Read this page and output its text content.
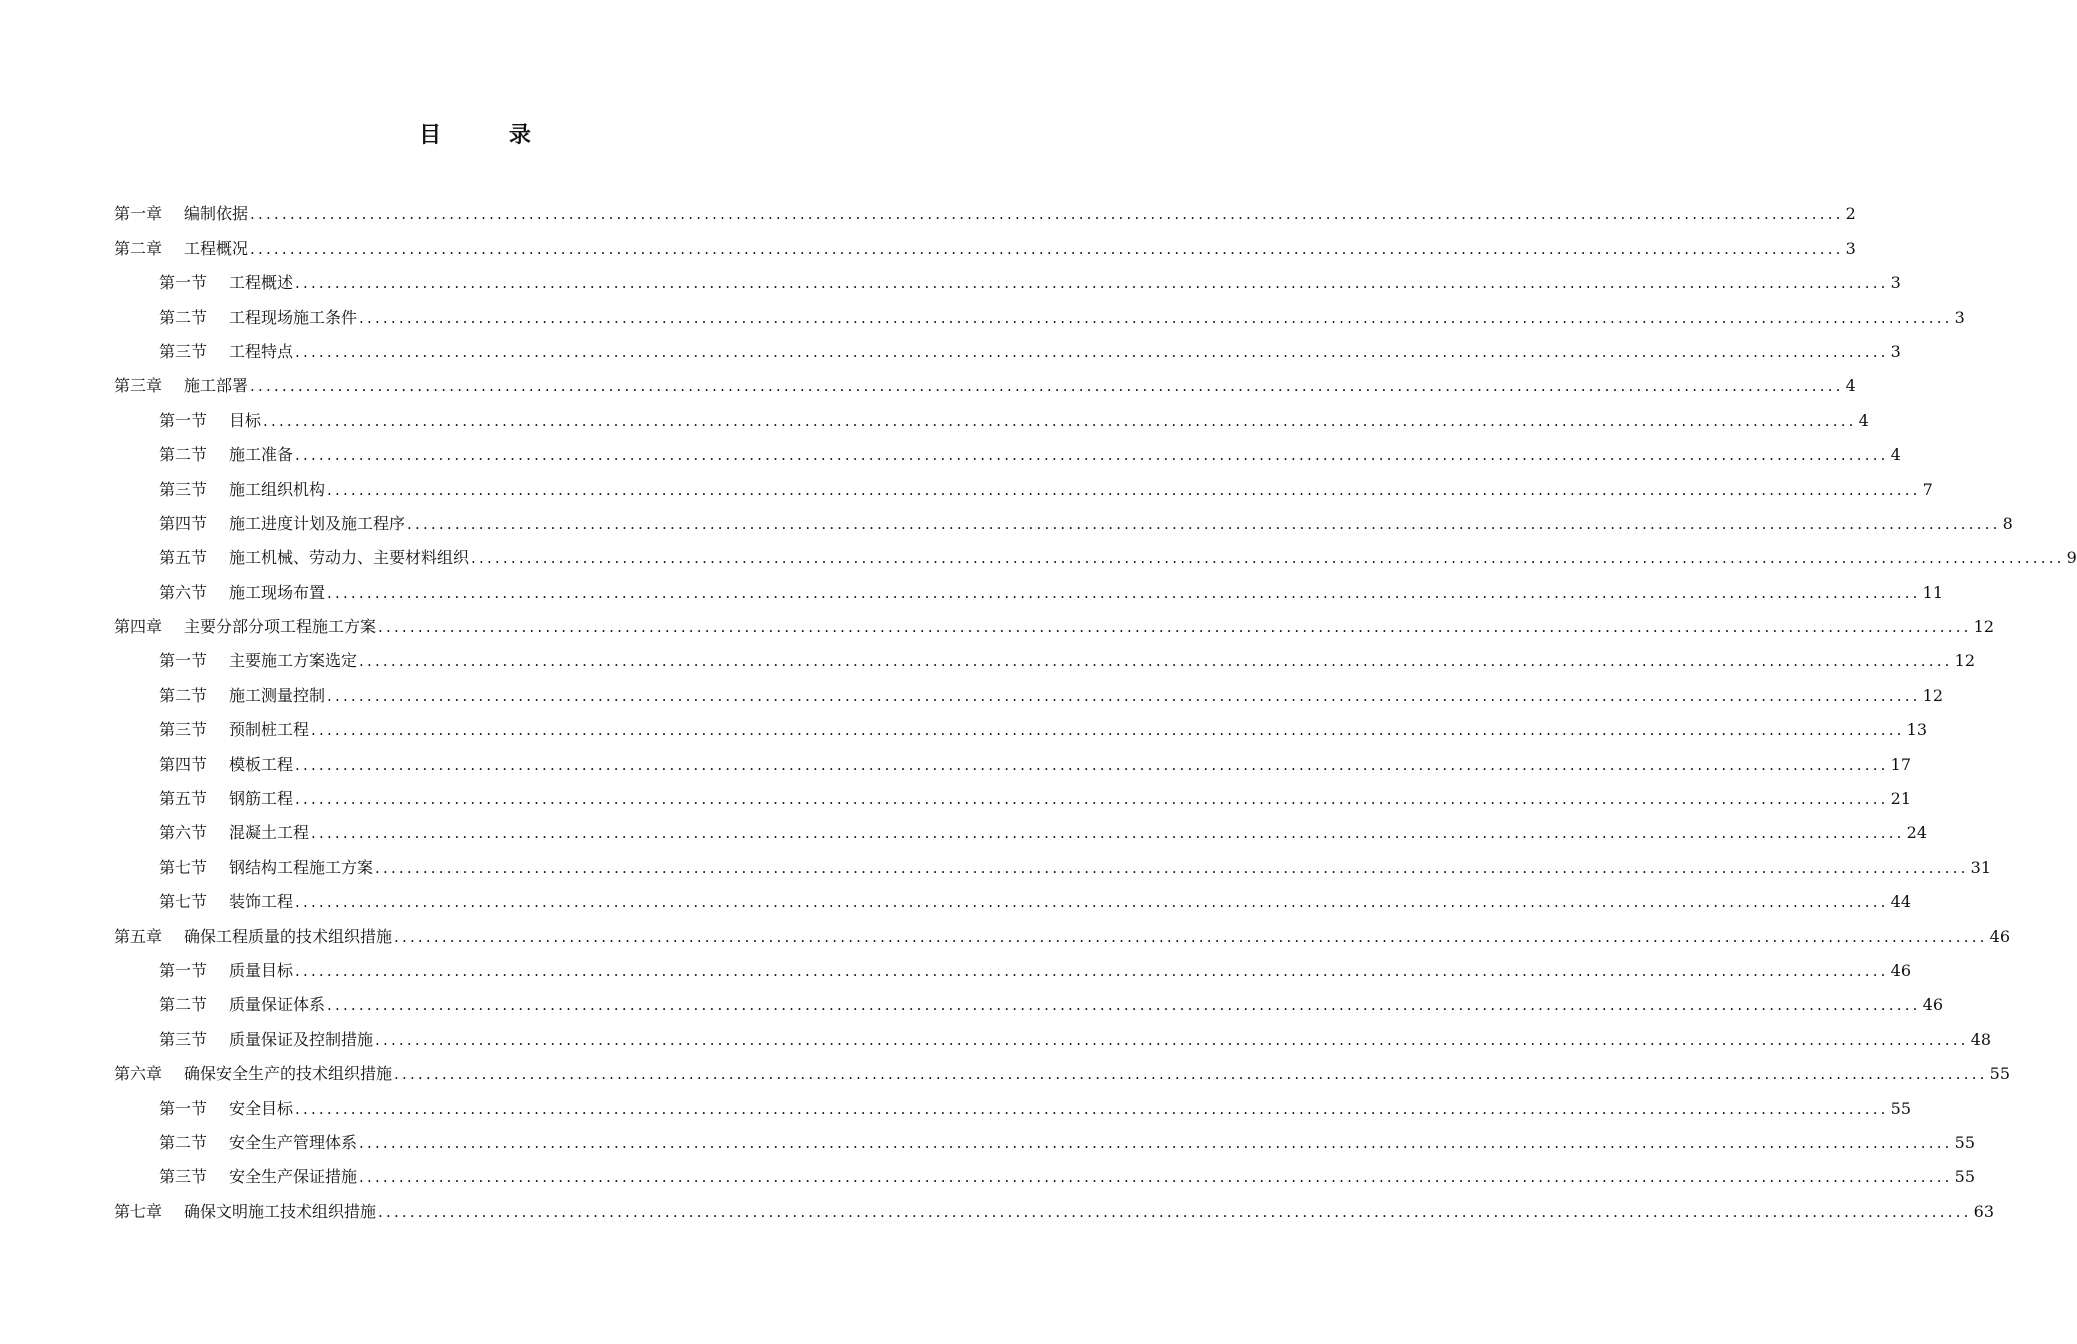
目 录
第一章 编制依据 ........................................................................................................................................................................................................ 2
第二章 工程概况 ........................................................................................................................................................................................................ 3
第一节 工程概述 ........................................................................................................................................................................................................ 3
第二节 工程现场施工条件 ........................................................................................................................................................................................................ 3
第三节 工程特点 ........................................................................................................................................................................................................ 3
第三章 施工部署 ........................................................................................................................................................................................................ 4
第一节 目标 ........................................................................................................................................................................................................ 4
第二节 施工准备 ........................................................................................................................................................................................................ 4
第三节 施工组织机构 ........................................................................................................................................................................................................ 7
第四节 施工进度计划及施工程序 ........................................................................................................................................................................................................ 8
第五节 施工机械、劳动力、主要材料组织 ........................................................................................................................................................................................................ 9
第六节 施工现场布置 ........................................................................................................................................................................................................ 11
第四章 主要分部分项工程施工方案 ........................................................................................................................................................................................................ 12
第一节 主要施工方案选定 ........................................................................................................................................................................................................ 12
第二节 施工测量控制 ........................................................................................................................................................................................................ 12
第三节 预制桩工程 ........................................................................................................................................................................................................ 13
第四节 模板工程 ........................................................................................................................................................................................................ 17
第五节 钢筋工程 ........................................................................................................................................................................................................ 21
第六节 混凝土工程 ........................................................................................................................................................................................................ 24
第七节 钢结构工程施工方案 ........................................................................................................................................................................................................ 31
第七节 装饰工程 ........................................................................................................................................................................................................ 44
第五章 确保工程质量的技术组织措施 ........................................................................................................................................................................................................ 46
第一节 质量目标 ........................................................................................................................................................................................................ 46
第二节 质量保证体系 ........................................................................................................................................................................................................ 46
第三节 质量保证及控制措施 ........................................................................................................................................................................................................ 48
第六章 确保安全生产的技术组织措施 ........................................................................................................................................................................................................ 55
第一节 安全目标 ........................................................................................................................................................................................................ 55
第二节 安全生产管理体系 ........................................................................................................................................................................................................ 55
第三节 安全生产保证措施 ........................................................................................................................................................................................................ 55
第七章 确保文明施工技术组织措施 ........................................................................................................................................................................................................ 63
